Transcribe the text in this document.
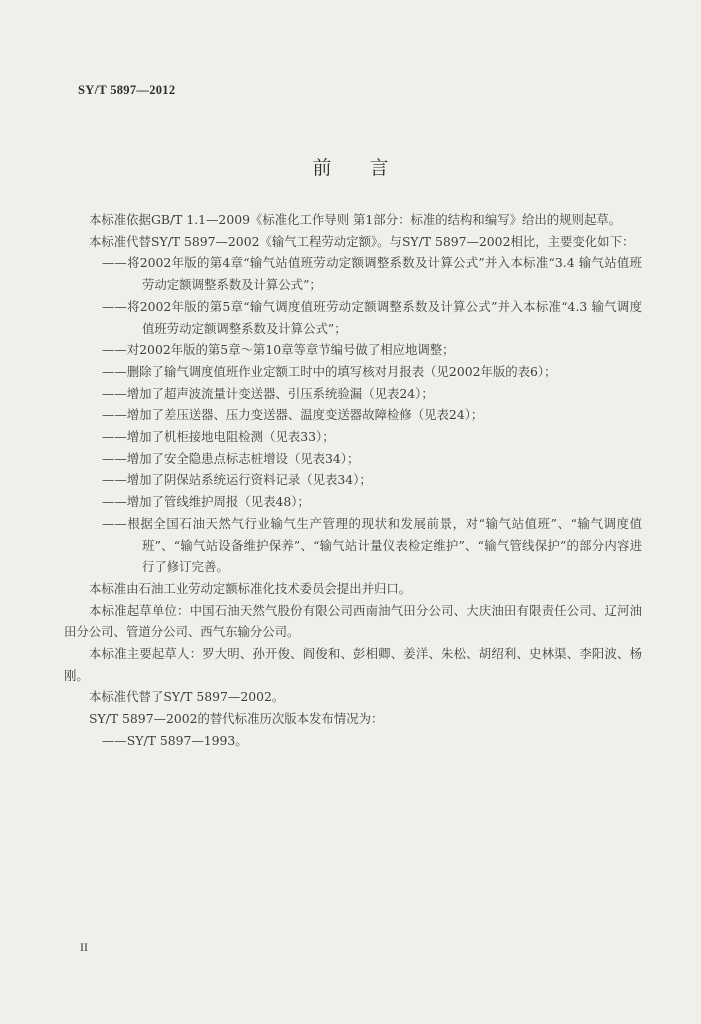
SY/T 5897—2012
前言

本标准依据GB/T 1.1—2009《标准化工作导则 第1部分：标准的结构和编写》给出的规则起草。

本标准代替SY/T 5897—2002《输气工程劳动定额》。与SY/T 5897—2002相比，主要变化如下：

——将2002年版的第4章“输气站值班劳动定额调整系数及计算公式”并入本标准“3.4 输气站值班劳动定额调整系数及计算公式”；

——将2002年版的第5章“输气调度值班劳动定额调整系数及计算公式”并入本标准“4.3 输气调度值班劳动定额调整系数及计算公式”；

——对2002年版的第5章～第10章等章节编号做了相应地调整；

——删除了输气调度值班作业定额工时中的填写核对月报表（见2002年版的表6）；

——增加了超声波流量计变送器、引压系统验漏（见表24）；

——增加了差压送器、压力变送器、温度变送器故障检修（见表24）；

——增加了机柜接地电阻检测（见表33）；

——增加了安全隐患点标志桩增设（见表34）；

——增加了阴保站系统运行资料记录（见表34）；

——增加了管线维护周报（见表48）；

——根据全国石油天然气行业输气生产管理的现状和发展前景，对“输气站值班”、“输气调度值班”、“输气站设备维护保养”、“输气站计量仪表检定维护”、“输气管线保护”的部分内容进行了修订完善。

本标准由石油工业劳动定额标准化技术委员会提出并归口。

本标准起草单位：中国石油天然气股份有限公司西南油气田分公司、大庆油田有限责任公司、辽河油田分公司、管道分公司、西气东输分公司。

本标准主要起草人：罗大明、孙开俊、阎俊和、彭相卿、姜洋、朱松、胡绍利、史林渠、李阳波、杨刚。

本标准代替了SY/T 5897—2002。

SY/T 5897—2002的替代标准历次版本发布情况为：

——SY/T 5897—1993。

II
